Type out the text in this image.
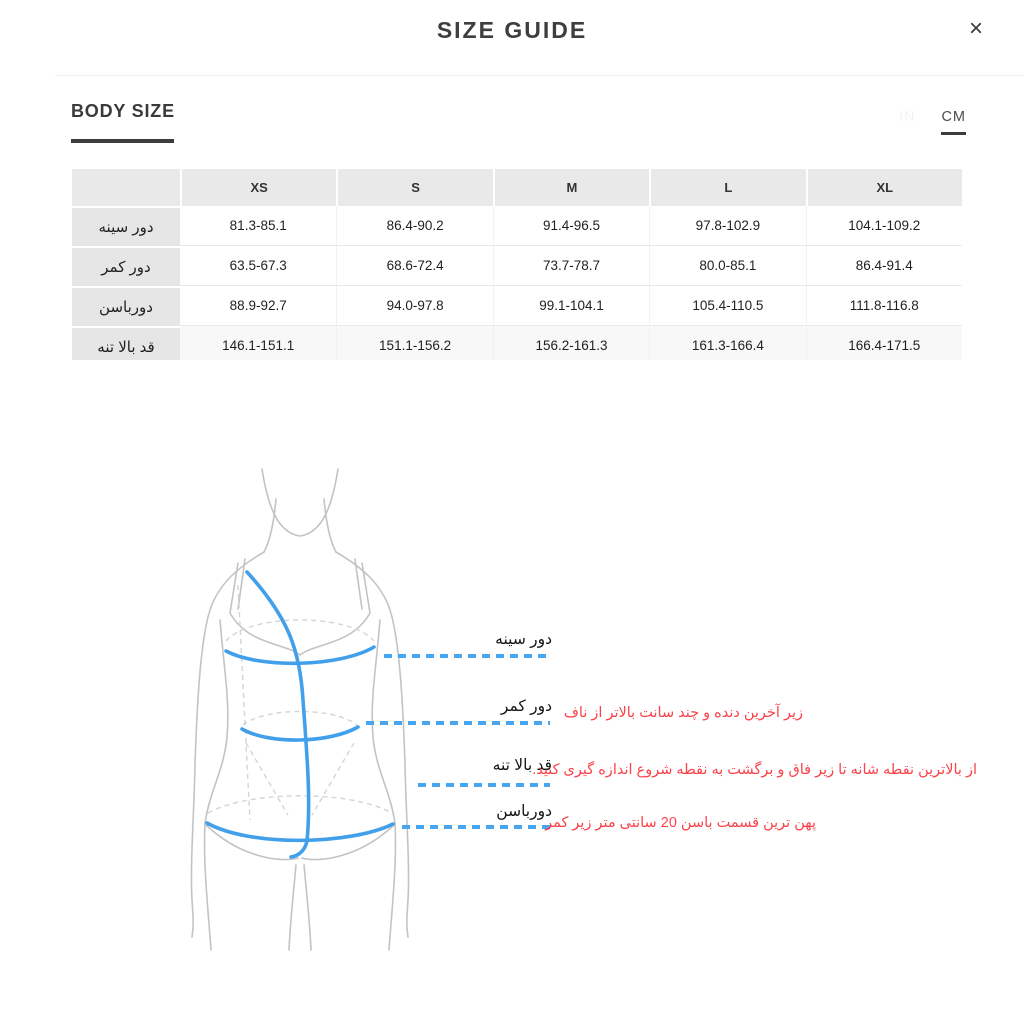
SIZE GUIDE	×
BODY SIZE	IN CM
	XS	S	M	L	XL
دور سینه	81.3-85.1	86.4-90.2	91.4-96.5	97.8-102.9	104.1-109.2
دور کمر	63.5-67.3	68.6-72.4	73.7-78.7	80.0-85.1	86.4-91.4
دورباسن	88.9-92.7	94.0-97.8	99.1-104.1	105.4-110.5	111.8-116.8
قد بالا تنه	146.1-151.1	151.1-156.2	156.2-161.3	161.3-166.4	166.4-171.5
دور سینه
دور کمر
قد بالا تنه
دورباسن
زیر آخرین دنده و چند سانت بالاتر از ناف
از بالاترین نقطه شانه تا زیر فاق و برگشت به نقطه شروع اندازه گیری کنید.
پهن ترین قسمت باسن 20 سانتی متر زیر کمر
